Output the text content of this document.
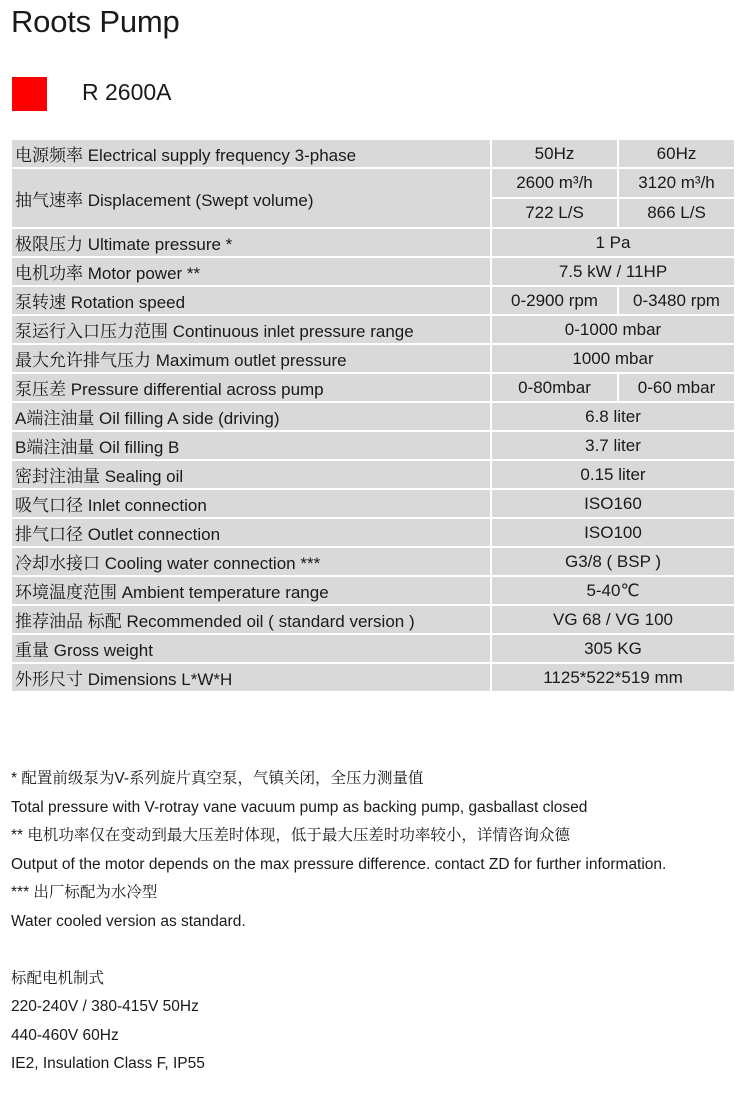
Roots Pump
R 2600A
电源频率 Electrical supply frequency 3-phase	50Hz	60Hz
抽气速率 Displacement (Swept volume)	2600 m³/h	3120 m³/h
	722 L/S	866 L/S
极限压力 Ultimate pressure *	1 Pa	
电机功率 Motor power **	7.5 kW / 11HP	
泵转速 Rotation speed	0-2900 rpm	0-3480 rpm
泵运行入口压力范围 Continuous inlet pressure range	0-1000 mbar	
最大允许排气压力 Maximum outlet pressure	1000 mbar	
泵压差 Pressure differential across pump	0-80mbar	0-60 mbar
A端注油量 Oil filling A side (driving)	6.8 liter	
B端注油量 Oil filling B	3.7 liter	
密封注油量 Sealing oil	0.15 liter	
吸气口径 Inlet connection	ISO160	
排气口径 Outlet connection	ISO100	
冷却水接口 Cooling water connection ***	G3/8 ( BSP )	
环境温度范围 Ambient temperature range	5-40℃	
推荐油品 标配 Recommended oil ( standard version )	VG 68 / VG 100	
重量 Gross weight	305 KG	
外形尺寸 Dimensions L*W*H	1125*522*519 mm	
* 配置前级泵为V-系列旋片真空泵，气镇关闭，全压力测量值
Total pressure with V-rotray vane vacuum pump as backing pump, gasballast closed
** 电机功率仅在变动到最大压差时体现，低于最大压差时功率较小，详情咨询众德
Output of the motor depends on the max pressure difference. contact ZD for further information.
*** 出厂标配为水冷型
Water cooled version as standard.
标配电机制式
220-240V / 380-415V 50Hz
440-460V 60Hz
IE2, Insulation Class F, IP55
